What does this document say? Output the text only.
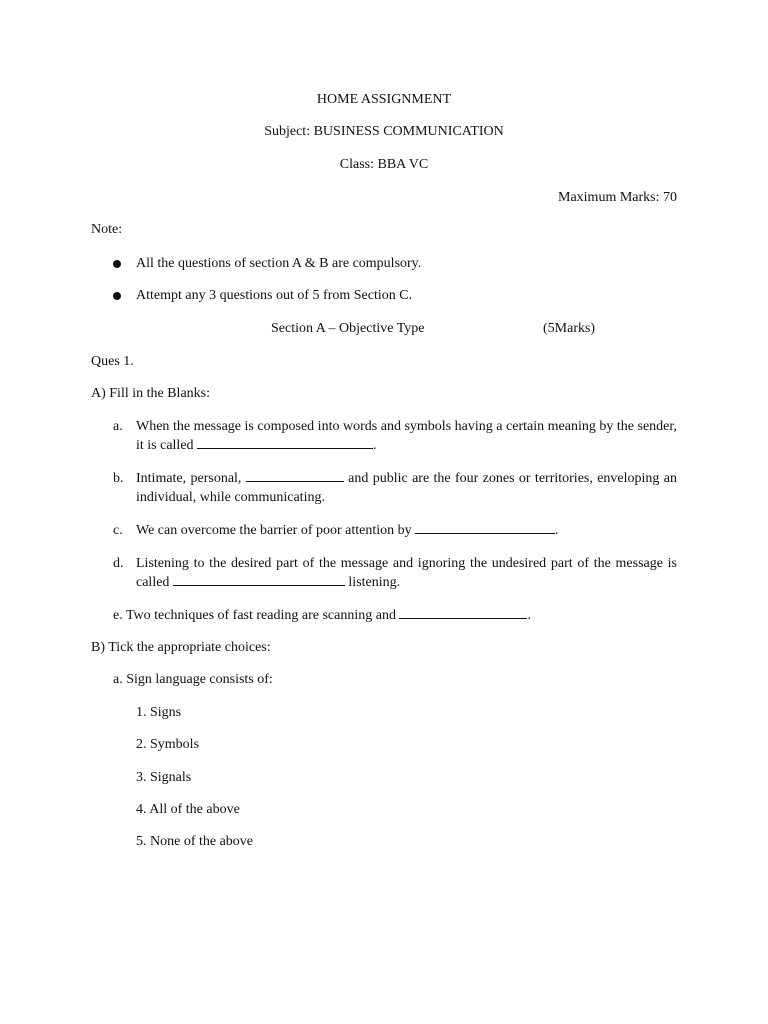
HOME ASSIGNMENT
Subject: BUSINESS COMMUNICATION
Class: BBA VC
Maximum Marks: 70
Note:
All the questions of section A & B are compulsory.
Attempt any 3 questions out of 5 from Section C.
Section A – Objective Type	(5Marks)
Ques 1.
A) Fill in the Blanks:
a. When the message is composed into words and symbols having a certain meaning by the sender, it is called	.
b. Intimate, personal,	and public are the four zones or territories, enveloping an individual, while communicating.
c. We can overcome the barrier of poor attention by	.
d. Listening to the desired part of the message and ignoring the undesired part of the message is called	listening.
e. Two techniques of fast reading are scanning and	.
B) Tick the appropriate choices:
a. Sign language consists of:
1. Signs
2. Symbols
3. Signals
4. All of the above
5. None of the above
